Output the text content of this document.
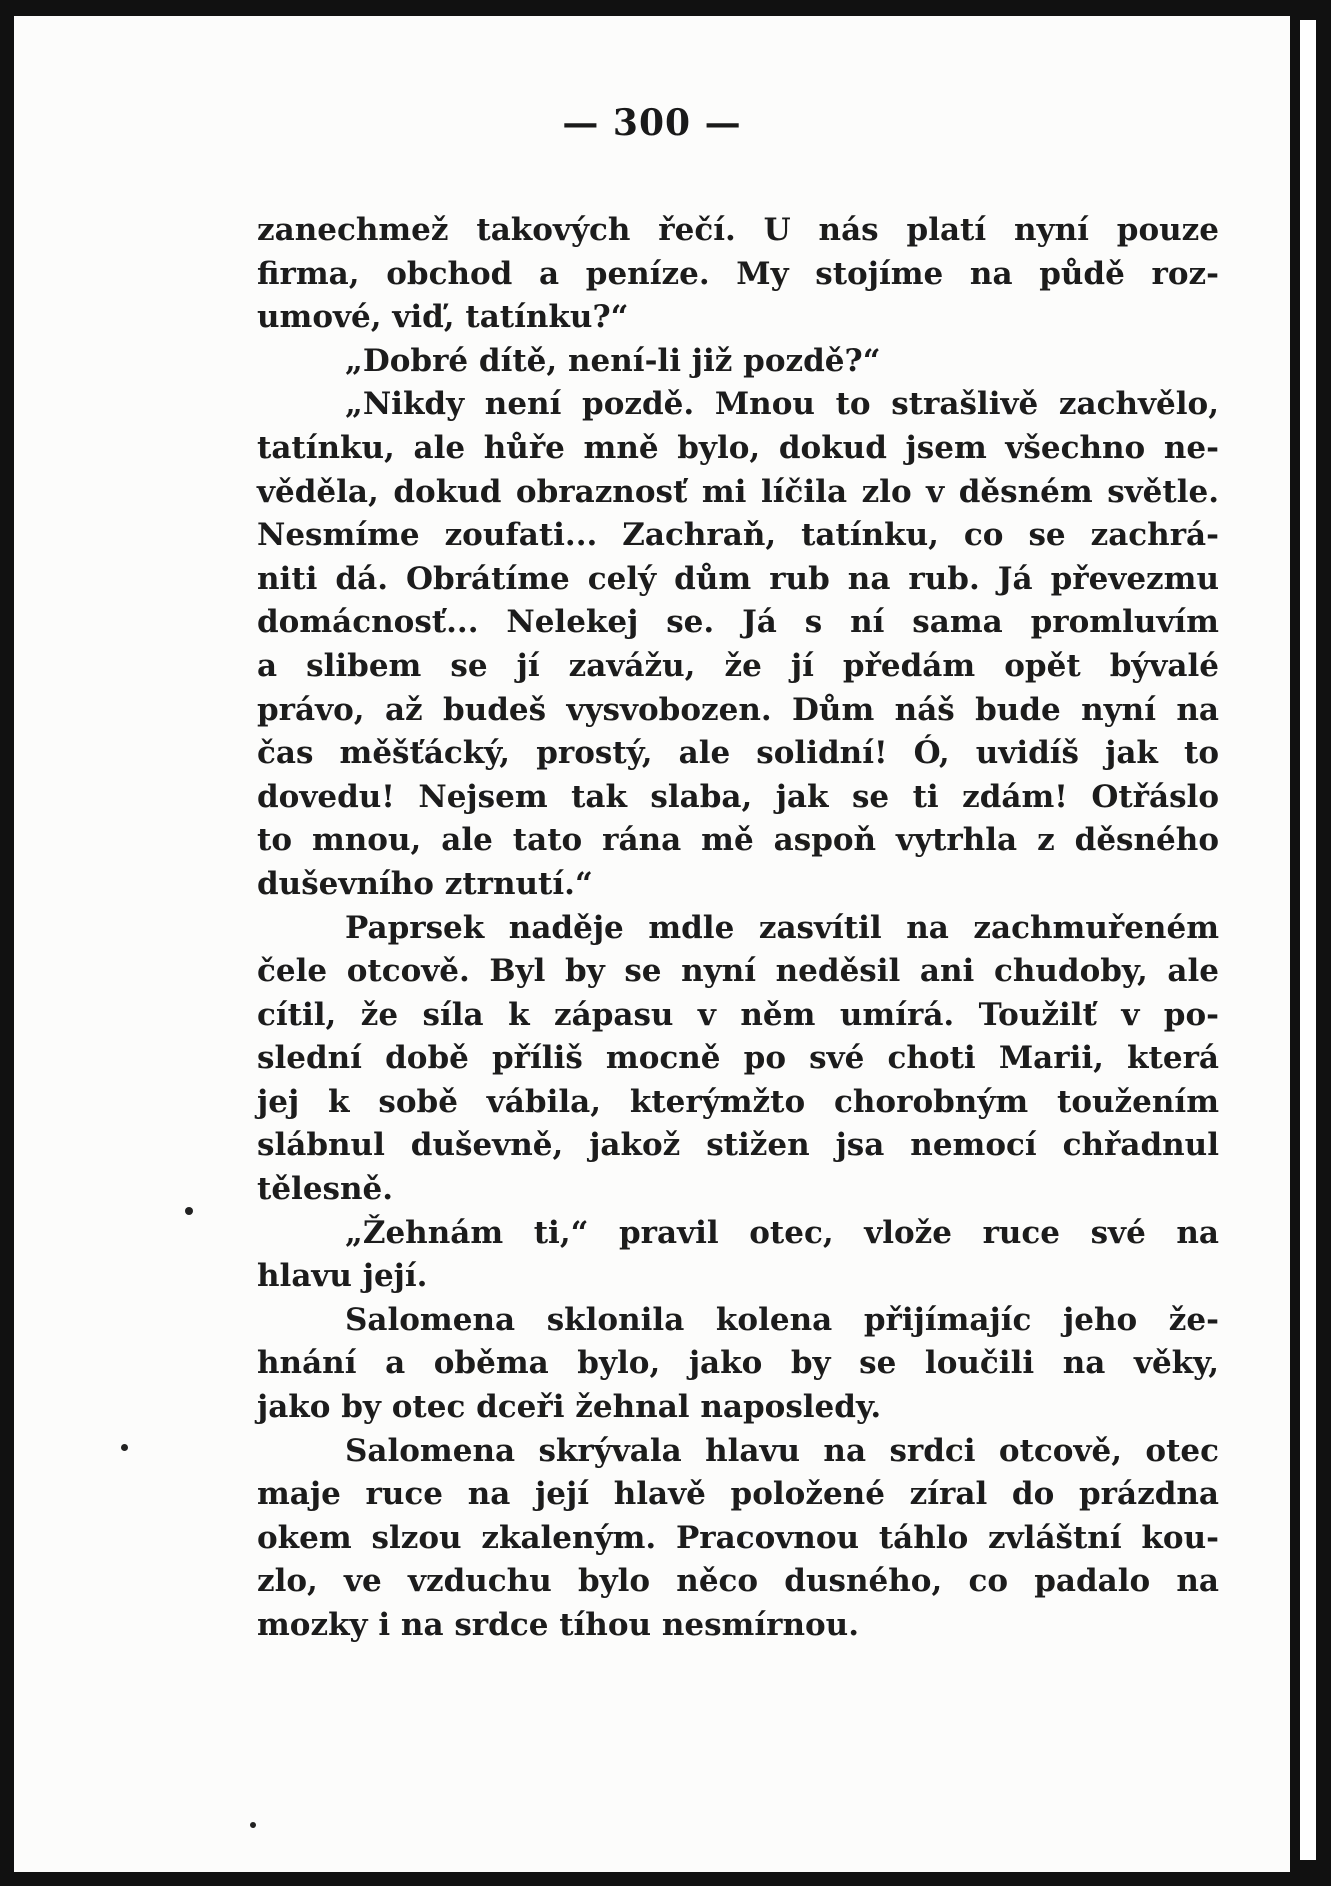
— 300 —
zanechmež takových řečí. U nás platí nyní pouze
firma, obchod a peníze. My stojíme na půdě roz-
umové, viď, tatínku?“
„Dobré dítě, není-li již pozdě?“
„Nikdy není pozdě. Mnou to strašlivě zachvělo,
tatínku, ale hůře mně bylo, dokud jsem všechno ne-
věděla, dokud obraznosť mi líčila zlo v děsném světle.
Nesmíme zoufati... Zachraň, tatínku, co se zachrá-
niti dá. Obrátíme celý dům rub na rub. Já převezmu
domácnosť... Nelekej se. Já s ní sama promluvím
a slibem se jí zavážu, že jí předám opět bývalé
právo, až budeš vysvobozen. Dům náš bude nyní na
čas měšťácký, prostý, ale solidní! Ó, uvidíš jak to
dovedu! Nejsem tak slaba, jak se ti zdám! Otřáslo
to mnou, ale tato rána mě aspoň vytrhla z děsného
duševního ztrnutí.“
Paprsek naděje mdle zasvítil na zachmuřeném
čele otcově. Byl by se nyní neděsil ani chudoby, ale
cítil, že síla k zápasu v něm umírá. Toužilť v po-
slední době příliš mocně po své choti Marii, která
jej k sobě vábila, kterýmžto chorobným toužením
slábnul duševně, jakož stižen jsa nemocí chřadnul
tělesně.
„Žehnám ti,“ pravil otec, vlože ruce své na
hlavu její.
Salomena sklonila kolena přijímajíc jeho že-
hnání a oběma bylo, jako by se loučili na věky,
jako by otec dceři žehnal naposledy.
Salomena skrývala hlavu na srdci otcově, otec
maje ruce na její hlavě položené zíral do prázdna
okem slzou zkaleným. Pracovnou táhlo zvláštní kou-
zlo, ve vzduchu bylo něco dusného, co padalo na
mozky i na srdce tíhou nesmírnou.
